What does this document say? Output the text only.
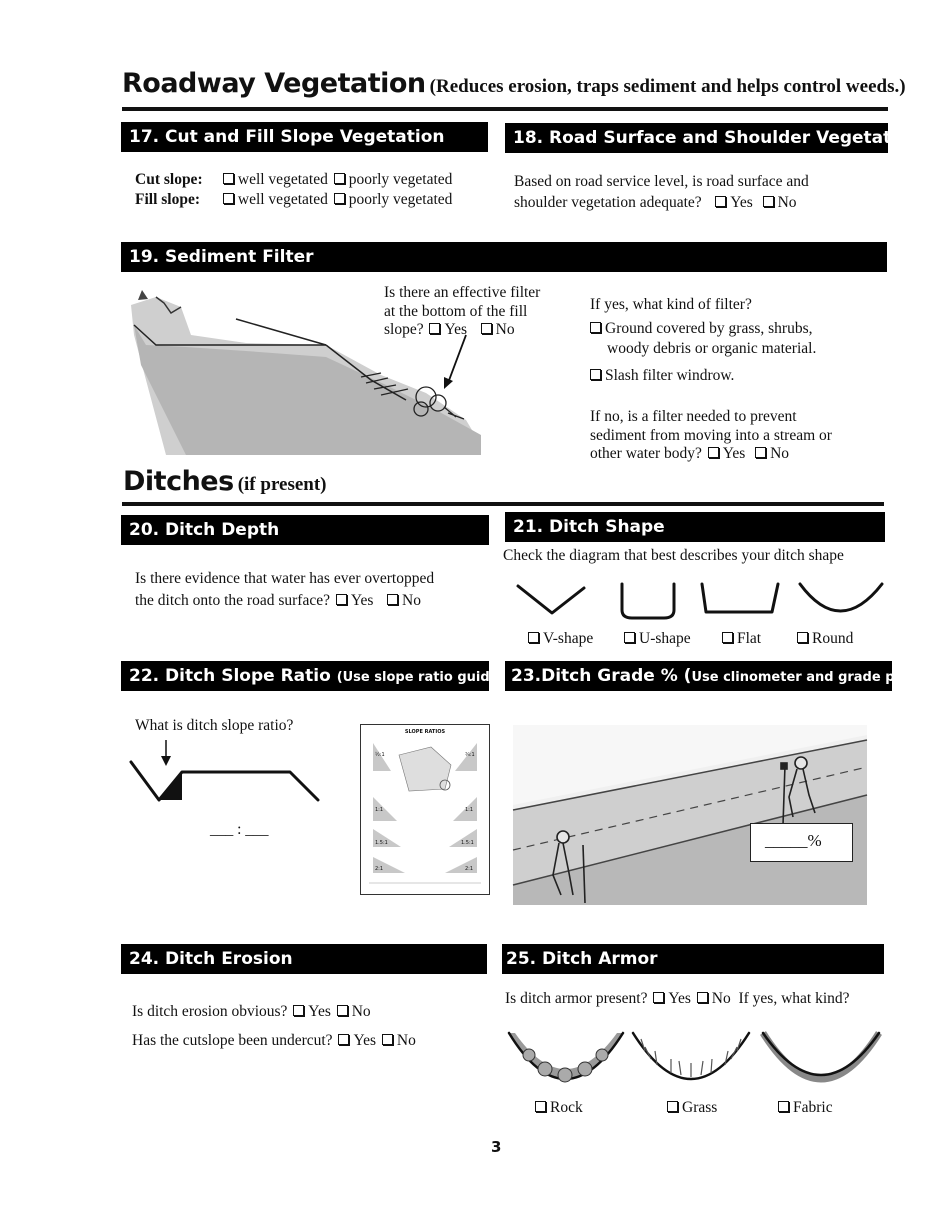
Roadway Vegetation (Reduces erosion, traps sediment and helps control weeds.)
17. Cut and Fill Slope Vegetation
Cut slope: well vegetated poorly vegetated
Fill slope: well vegetated poorly vegetated
18. Road Surface and Shoulder Vegetation
Based on road service level, is road surface and
shoulder vegetation adequate? Yes No
19. Sediment Filter
Is there an effective filter
at the bottom of the fill
slope? Yes No
If yes, what kind of filter?
Ground covered by grass, shrubs,
woody debris or organic material.
Slash filter windrow.
If no, is a filter needed to prevent
sediment from moving into a stream or
other water body? Yes No
Ditches (if present)
20. Ditch Depth
Is there evidence that water has ever overtopped
the ditch onto the road surface? Yes No
21. Ditch Shape
Check the diagram that best describes your ditch shape
V-shape	U-shape	Flat	Round
22. Ditch Slope Ratio (Use slope ratio guide)
What is ditch slope ratio?
___ : ___
SLOPE RATIOS
½:1	¾:1
1:1
1.5:1
2:1
1:1
1.5:1
2:1
23.Ditch Grade % (Use clinometer and grade posts)
_____%
24. Ditch Erosion
Is ditch erosion obvious? Yes No
Has the cutslope been undercut? Yes No
25. Ditch Armor
Is ditch armor present? Yes No If yes, what kind?
Rock	Grass	Fabric
3
